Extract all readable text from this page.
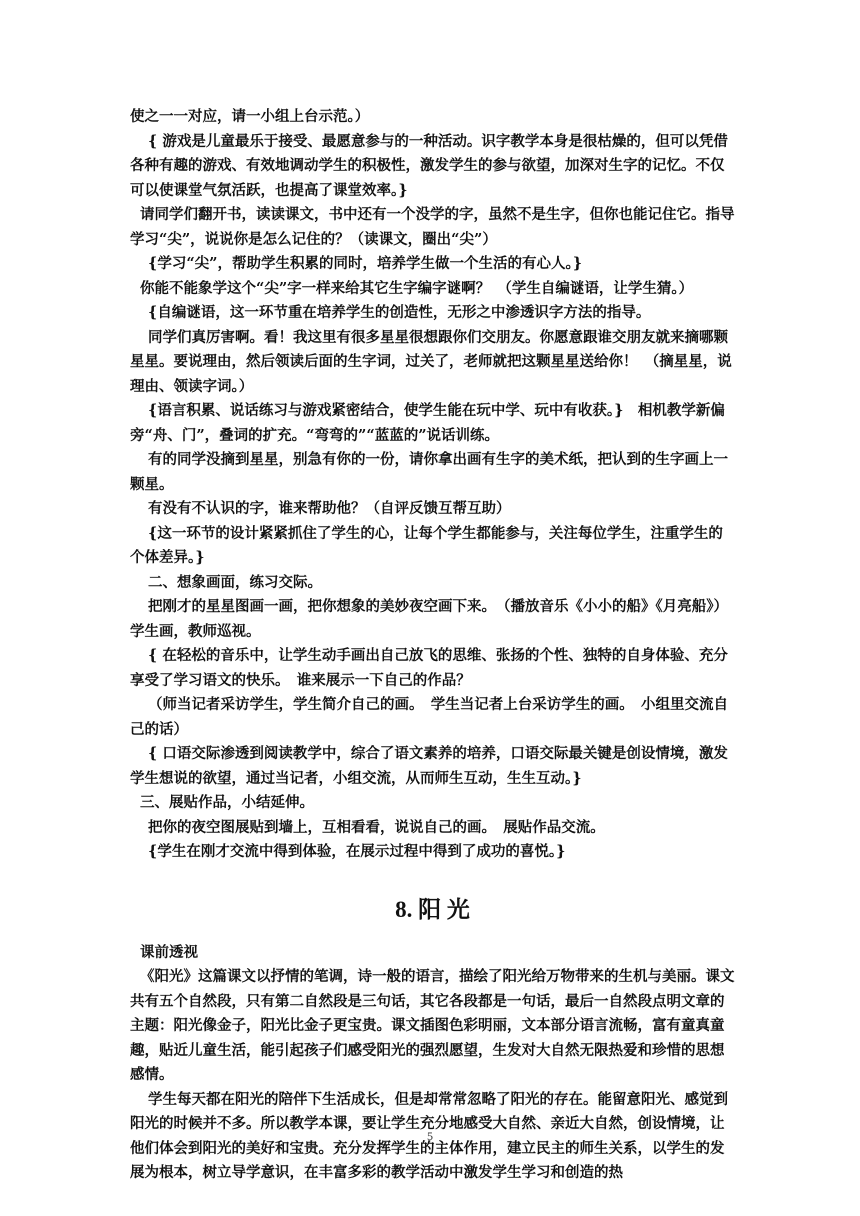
使之一一对应，请一小组上台示范。）

{ 游戏是儿童最乐于接受、最愿意参与的一种活动。识字教学本身是很枯燥的，但可以凭借各种有趣的游戏、有效地调动学生的积极性，激发学生的参与欲望，加深对生字的记忆。不仅可以使课堂气氛活跃，也提高了课堂效率。}

请同学们翻开书，读读课文，书中还有一个没学的字，虽然不是生字，但你也能记住它。指导学习“尖”，说说你是怎么记住的？（读课文，圈出“尖”）

{学习“尖”，帮助学生积累的同时，培养学生做一个生活的有心人。}

你能不能象学这个“尖”字一样来给其它生字编字谜啊？　（学生自编谜语，让学生猜。）

{自编谜语，这一环节重在培养学生的创造性，无形之中渗透识字方法的指导。

同学们真厉害啊。看！我这里有很多星星很想跟你们交朋友。你愿意跟谁交朋友就来摘哪颗星星。要说理由，然后领读后面的生字词，过关了，老师就把这颗星星送给你！　（摘星星，说理由、领读字词。）

{语言积累、说话练习与游戏紧密结合，使学生能在玩中学、玩中有收获。}　相机教学新偏旁“舟、门”，叠词的扩充。“弯弯的”“蓝蓝的”说话训练。

有的同学没摘到星星，别急有你的一份，请你拿出画有生字的美术纸，把认到的生字画上一颗星。

有没有不认识的字，谁来帮助他？（自评反馈互帮互助）

{这一环节的设计紧紧抓住了学生的心，让每个学生都能参与，关注每位学生，注重学生的个体差异。}

二、想象画面，练习交际。

把刚才的星星图画一画，把你想象的美妙夜空画下来。　（播放音乐《小小的船》《月亮船》）　学生画，教师巡视。

{ 在轻松的音乐中，让学生动手画出自己放飞的思维、张扬的个性、独特的自身体验、充分享受了学习语文的快乐。　谁来展示一下自己的作品？

（师当记者采访学生，学生简介自己的画。　学生当记者上台采访学生的画。　小组里交流自己的话）

{ 口语交际渗透到阅读教学中，综合了语文素养的培养，口语交际最关键是创设情境，激发学生想说的欲望，通过当记者，小组交流，从而师生互动，生生互动。}

三、展贴作品，小结延伸。

把你的夜空图展贴到墙上，互相看看，说说自己的画。　展贴作品交流。

{学生在刚才交流中得到体验，在展示过程中得到了成功的喜悦。}

8. 阳 光

课前透视

《阳光》这篇课文以抒情的笔调，诗一般的语言，描绘了阳光给万物带来的生机与美丽。课文共有五个自然段，只有第二自然段是三句话，其它各段都是一句话，最后一自然段点明文章的主题：阳光像金子，阳光比金子更宝贵。课文插图色彩明丽，文本部分语言流畅，富有童真童趣，贴近儿童生活，能引起孩子们感受阳光的强烈愿望，生发对大自然无限热爱和珍惜的思想感情。

学生每天都在阳光的陪伴下生活成长，但是却常常忽略了阳光的存在。能留意阳光、感觉到阳光的时候并不多。所以教学本课，要让学生充分地感受大自然、亲近大自然，创设情境，让他们体会到阳光的美好和宝贵。充分发挥学生的主体作用，建立民主的师生关系，以学生的发展为根本，树立导学意识，在丰富多彩的教学活动中激发学生学习和创造的热

5
